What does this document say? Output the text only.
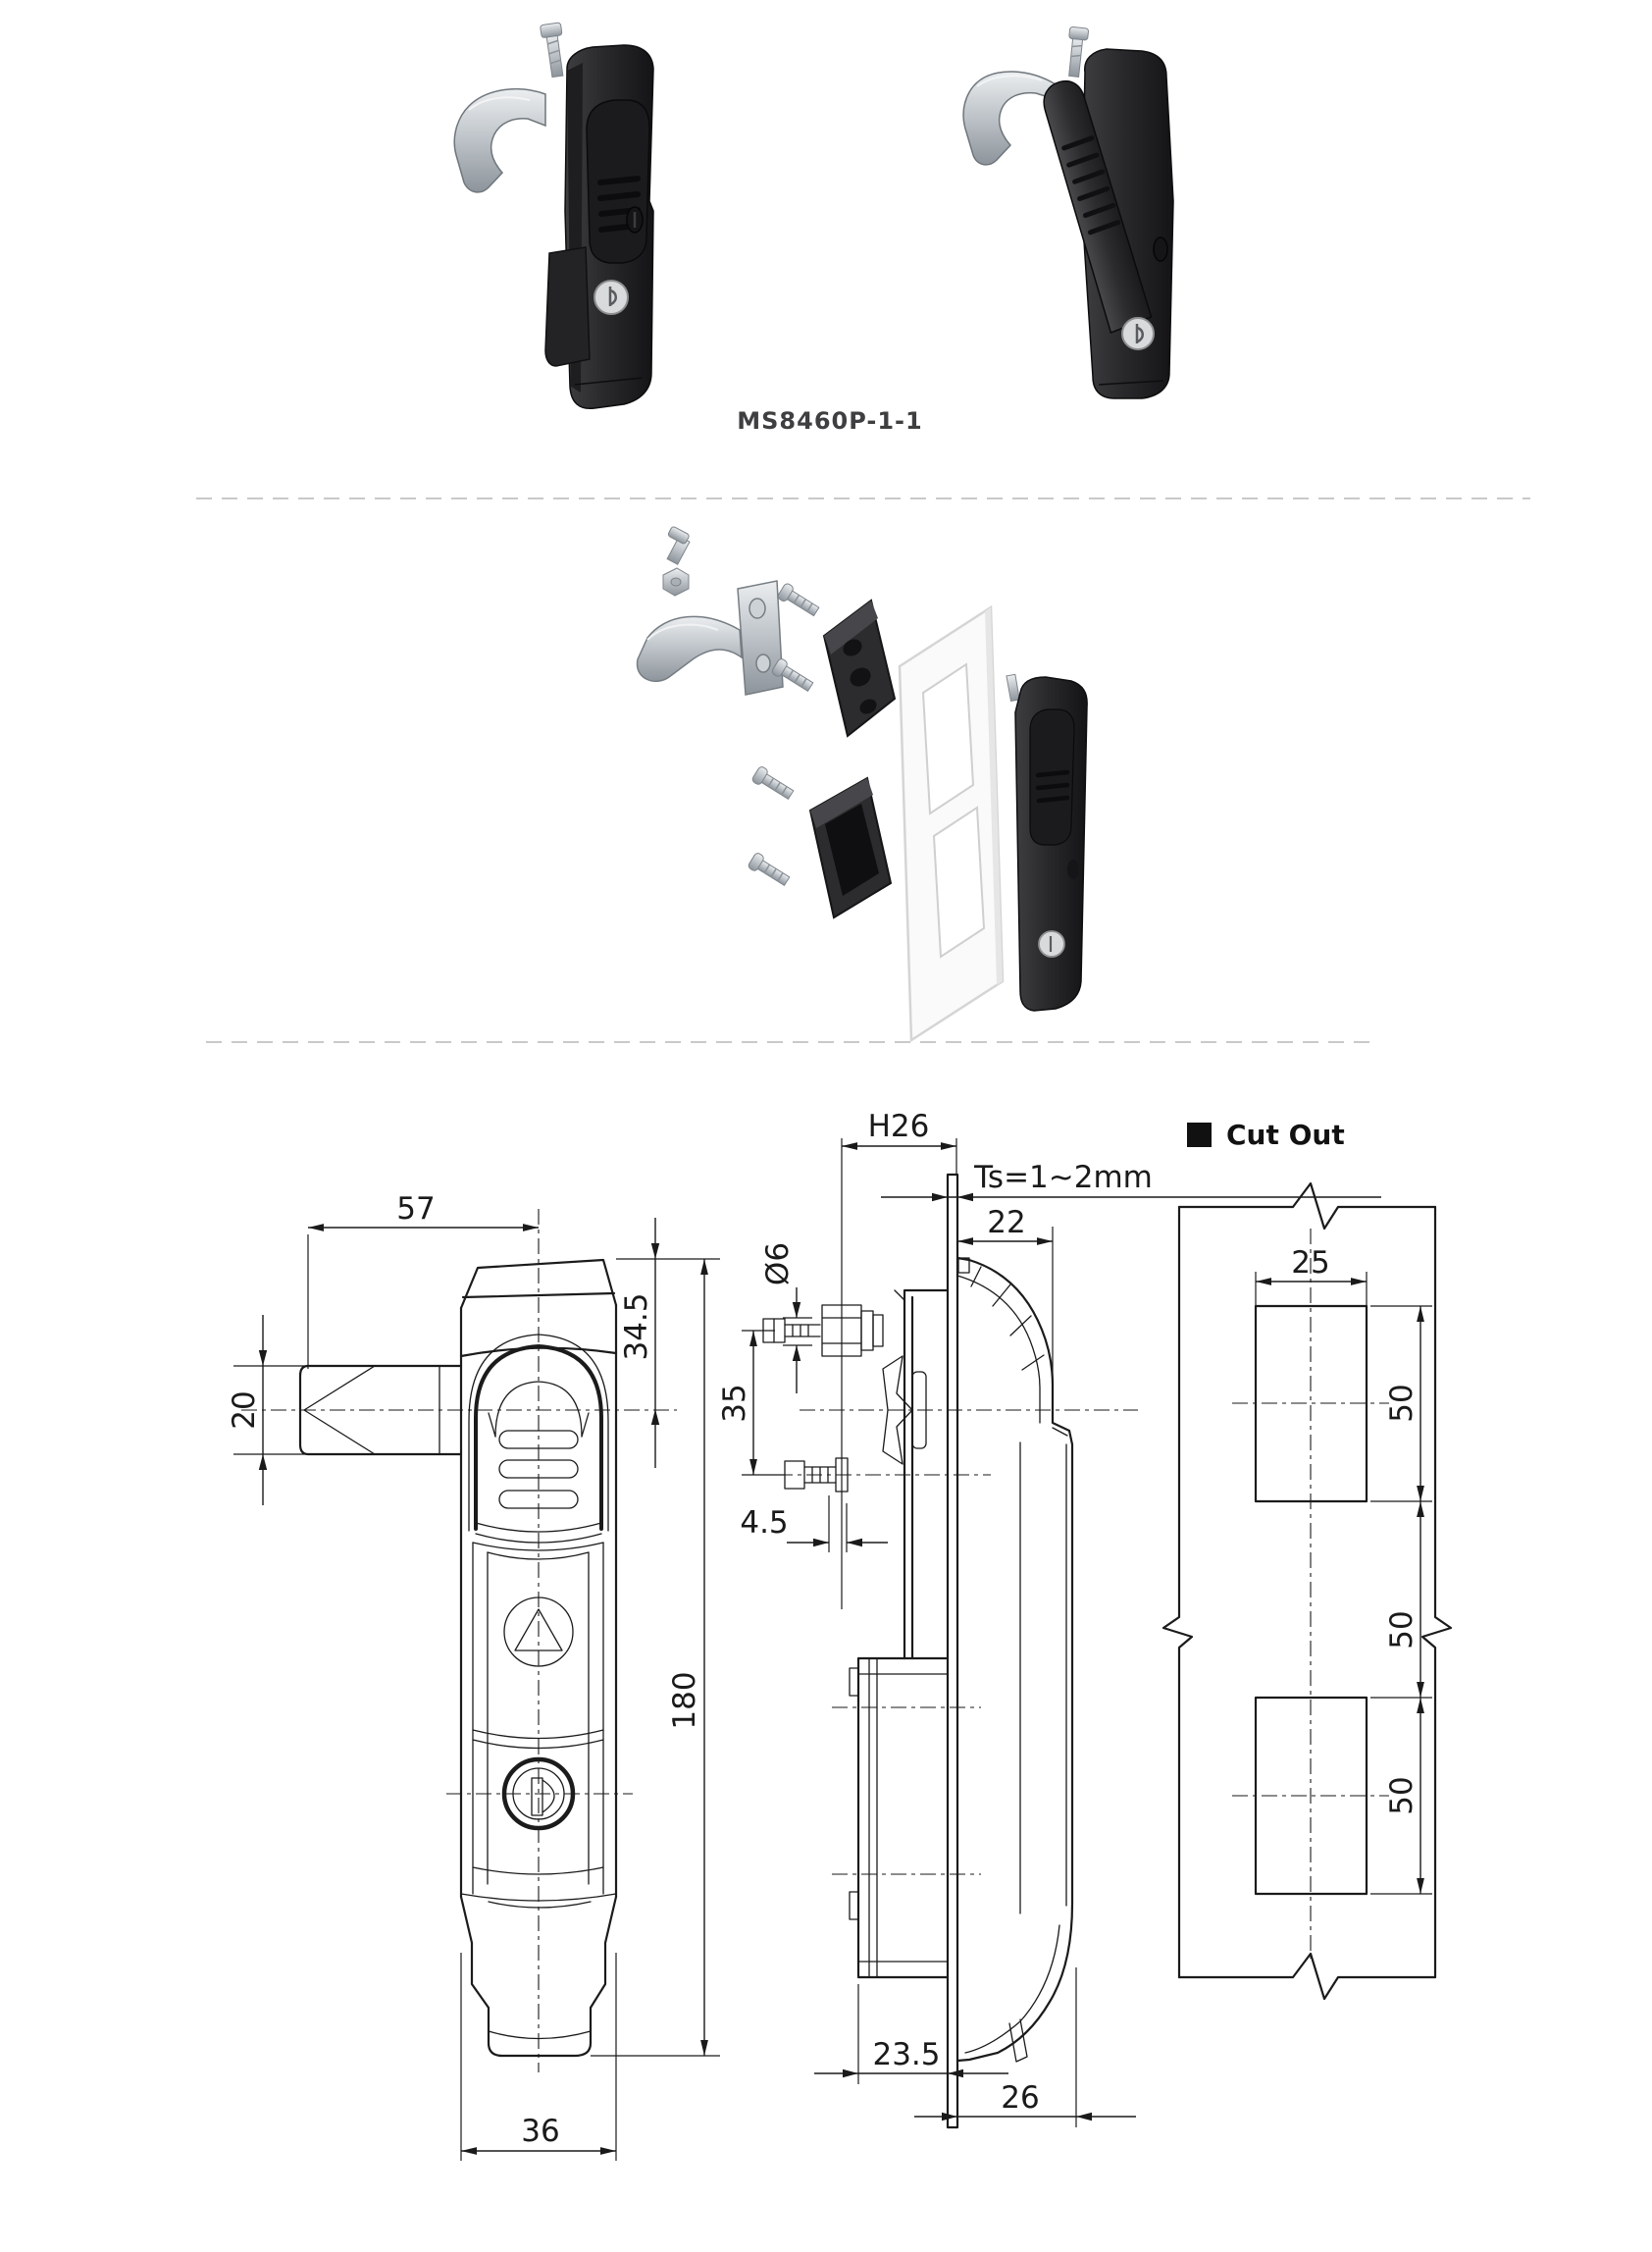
MS8460P-1-1
57
34.5
20
180
36
H26
Ts=1~2mm
22
Ø6
35
4.5
23.5
26
Cut Out
25
50
50
50
